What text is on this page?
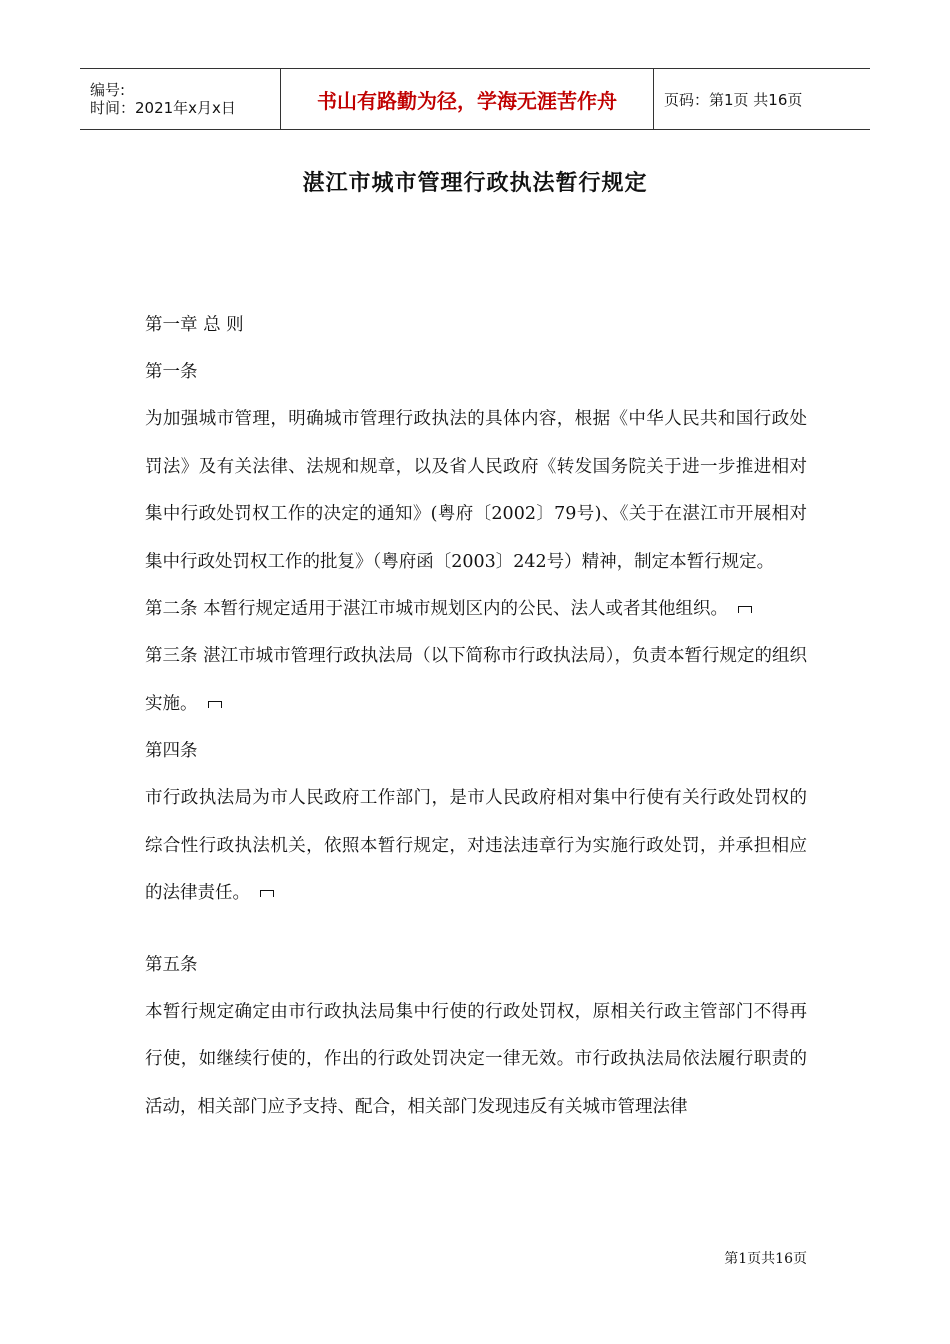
编号:
时间：2021年x月x日	书山有路勤为径，学海无涯苦作舟	页码：第1页 共16页
湛江市城市管理行政执法暂行规定
第一章 总 则
第一条
为加强城市管理，明确城市管理行政执法的具体内容，根据《中华人民共和国行政处罚法》及有关法律、法规和规章，以及省人民政府《转发国务院关于进一步推进相对集中行政处罚权工作的决定的通知》(粤府〔2002〕79号)、《关于在湛江市开展相对集中行政处罚权工作的批复》（粤府函〔2003〕242号）精神，制定本暂行规定。
第二条 本暂行规定适用于湛江市城市规划区内的公民、法人或者其他组织。
第三条 湛江市城市管理行政执法局（以下简称市行政执法局），负责本暂行规定的组织实施。
第四条
市行政执法局为市人民政府工作部门，是市人民政府相对集中行使有关行政处罚权的综合性行政执法机关，依照本暂行规定，对违法违章行为实施行政处罚，并承担相应的法律责任。
第五条
本暂行规定确定由市行政执法局集中行使的行政处罚权，原相关行政主管部门不得再行使，如继续行使的，作出的行政处罚决定一律无效。市行政执法局依法履行职责的活动，相关部门应予支持、配合，相关部门发现违反有关城市管理法律
第1页共16页
